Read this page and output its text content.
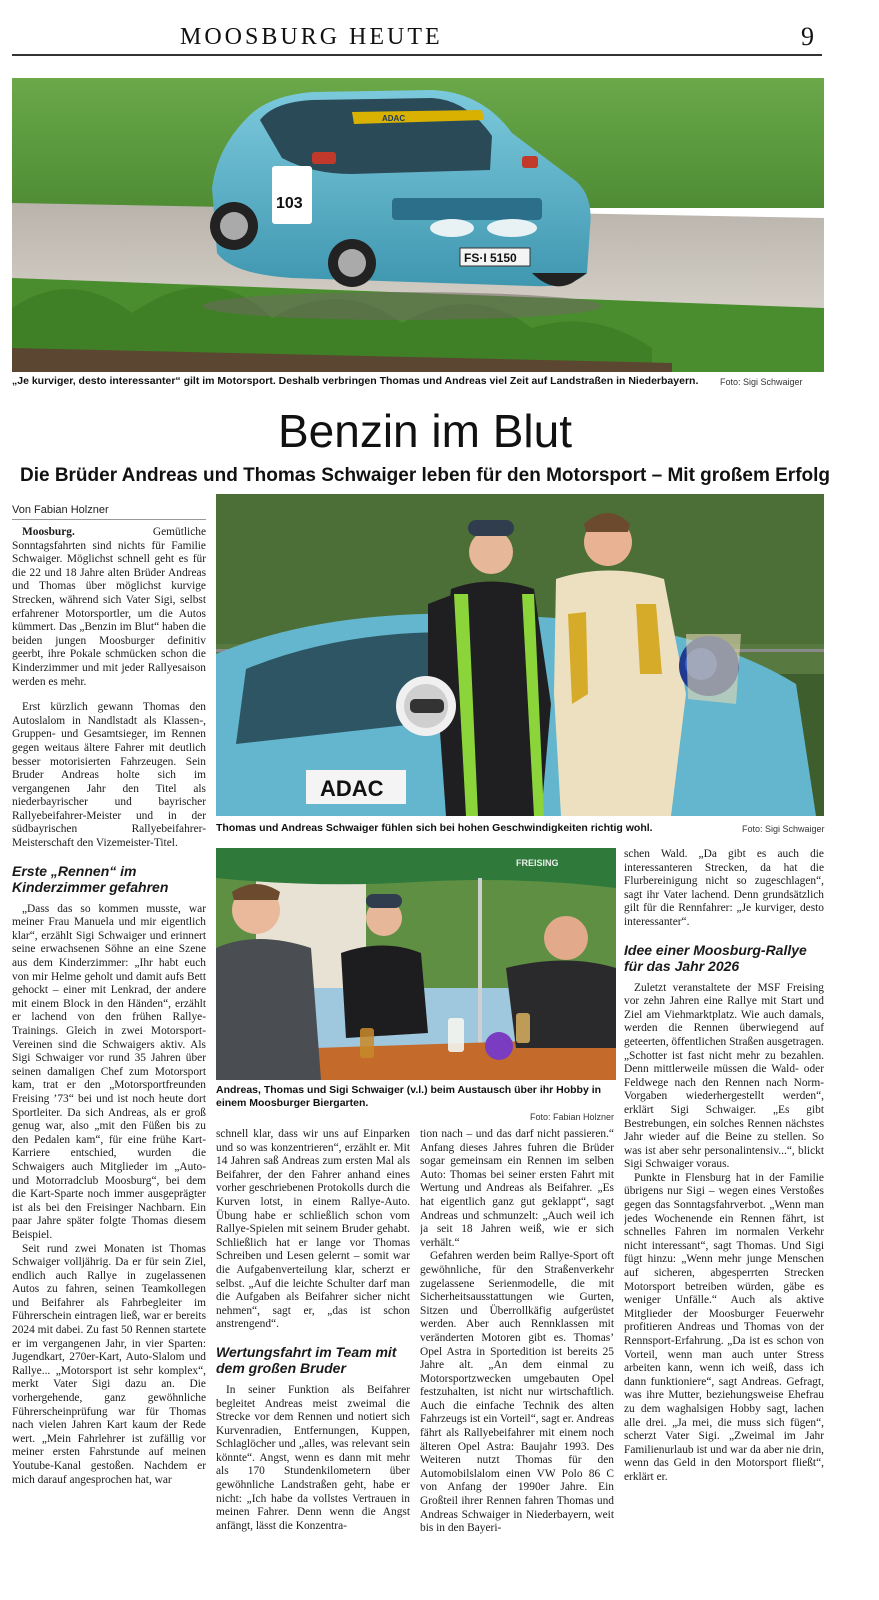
MOOSBURG HEUTE	9
ADAC
103
FS·I 5150
„Je kurviger, desto interessanter“ gilt im Motorsport. Deshalb verbringen Thomas und Andreas viel Zeit auf Landstraßen in Niederbayern.	Foto: Sigi Schwaiger
Benzin im Blut
Die Brüder Andreas und Thomas Schwaiger leben für den Motorsport – Mit großem Erfolg
Von Fabian Holzner
ADAC
Thomas und Andreas Schwaiger fühlen sich bei hohen Geschwindigkeiten richtig wohl.	Foto: Sigi Schwaiger
FREISING
Andreas, Thomas und Sigi Schwaiger (v.l.) beim Austausch über ihr Hobby in einem Moosburger Biergarten.
Foto: Fabian Holzner

Moosburg.	Gemütliche Sonntagsfahrten sind nichts für Familie Schwaiger. Möglichst schnell geht es für die 22 und 18 Jahre alten Brüder Andreas und Thomas über möglichst kurvige Strecken, während sich Vater Sigi, selbst erfahrener Motorsportler, um die Autos kümmert. Das „Benzin im Blut“ haben die beiden jungen Moosburger definitiv geerbt, ihre Pokale schmücken schon die Kinderzimmer und mit jeder Rallyesaison werden es mehr.

Erst kürzlich gewann Thomas den Autoslalom in Nandlstadt als Klassen-, Gruppen- und Gesamtsieger, im Rennen gegen weitaus ältere Fahrer mit deutlich besser motorisierten Fahrzeugen. Sein Bruder Andreas holte sich im vergangenen Jahr den Titel als niederbayrischer und bayrischer Rallyebeifahrer-Meister und in der südbayrischen Rallyebeifahrer-Meisterschaft den Vizemeister-Titel.

Erste „Rennen“ im Kinderzimmer gefahren

„Dass das so kommen musste, war meiner Frau Manuela und mir eigentlich klar“, erzählt Sigi Schwaiger und erinnert seine erwachsenen Söhne an eine Szene aus dem Kinderzimmer: „Ihr habt euch von mir Helme geholt und damit aufs Bett gehockt – einer mit Lenkrad, der andere mit einem Block in den Händen“, erzählt er lachend von den frühen Rallye-Trainings. Gleich in zwei Motorsport-Vereinen sind die Schwaigers aktiv. Als Sigi Schwaiger vor rund 35 Jahren über seinen damaligen Chef zum Motorsport kam, trat er den „Motorsportfreunden Freising ’73“ bei und ist noch heute dort Sportleiter. Da sich Andreas, als er groß genug war, also „mit den Füßen bis zu den Pedalen kam“, für eine frühe Kart-Karriere entschied, wurden die Schwaigers auch Mitglieder im „Auto- und Motorradclub Moosburg“, bei dem die Kart-Sparte noch immer ausgeprägter ist als bei den Freisinger Nachbarn. Ein paar Jahre später folgte Thomas diesem Beispiel.

Seit rund zwei Monaten ist Thomas Schwaiger volljährig. Da er für sein Ziel, endlich auch Rallye in zugelassenen Autos zu fahren, seinen Teamkollegen und Beifahrer als Fahrbegleiter im Führerschein eintragen ließ, war er bereits 2024 mit dabei. Zu fast 50 Rennen startete er im vergangenen Jahr, in vier Sparten: Jugendkart, 270er-Kart, Auto-Slalom und Rallye... „Motorsport ist sehr komplex“, merkt Vater Sigi dazu an. Die vorhergehende, ganz gewöhnliche Führerscheinprüfung war für Thomas nach vielen Jahren Kart kaum der Rede wert. „Mein Fahrlehrer ist zufällig vor meiner ersten Fahrstunde auf meinen Youtube-Kanal gestoßen. Nachdem er mich darauf angesprochen hat, war

schnell klar, dass wir uns auf Einparken und so was konzentrieren“, erzählt er. Mit 14 Jahren saß Andreas zum ersten Mal als Beifahrer, der den Fahrer anhand eines vorher geschriebenen Protokolls durch die Kurven lotst, in einem Rallye-Auto. Übung habe er schließlich schon vom Rallye-Spielen mit seinem Bruder gehabt. Schließlich hat er lange vor Thomas Schreiben und Lesen gelernt – somit war die Aufgabenverteilung klar, scherzt er selbst. „Auf die leichte Schulter darf man die Aufgaben als Beifahrer sicher nicht nehmen“, sagt er, „das ist schon anstrengend“.

Wertungsfahrt im Team mit dem großen Bruder

In seiner Funktion als Beifahrer begleitet Andreas meist zweimal die Strecke vor dem Rennen und notiert sich Kurvenradien, Entfernungen, Kuppen, Schlaglöcher und „alles, was relevant sein könnte“. Angst, wenn es dann mit mehr als 170 Stundenkilometern über gewöhnliche Landstraßen geht, habe er nicht: „Ich habe da vollstes Vertrauen in meinen Fahrer. Denn wenn die Angst anfängt, lässt die Konzentra-

tion nach – und das darf nicht passieren.“ Anfang dieses Jahres fuhren die Brüder sogar gemeinsam ein Rennen im selben Auto: Thomas bei seiner ersten Fahrt mit Wertung und Andreas als Beifahrer. „Es hat eigentlich ganz gut geklappt“, sagt Andreas und schmunzelt: „Auch weil ich ja seit 18 Jahren weiß, wie er sich verhält.“

Gefahren werden beim Rallye-Sport oft gewöhnliche, für den Straßenverkehr zugelassene Serienmodelle, die mit Sicherheitsausstattungen wie Gurten, Sitzen und Überrollkäfig aufgerüstet werden. Aber auch Rennklassen mit veränderten Motoren gibt es. Thomas’ Opel Astra in Sportedition ist bereits 25 Jahre alt. „An dem einmal zu Motorsportzwecken umgebauten Opel festzuhalten, ist nicht nur wirtschaftlich. Auch die einfache Technik des alten Fahrzeugs ist ein Vorteil“, sagt er. Andreas fährt als Rallyebeifahrer mit einem noch älteren Opel Astra: Baujahr 1993. Des Weiteren nutzt Thomas für den Automobilslalom einen VW Polo 86 C von Anfang der 1990er Jahre. Ein Großteil ihrer Rennen fahren Thomas und Andreas Schwaiger in Niederbayern, weit bis in den Bayeri-

schen Wald. „Da gibt es auch die interessanteren Strecken, da hat die Flurbereinigung nicht so zugeschlagen“, sagt ihr Vater lachend. Denn grundsätzlich gilt für die Rennfahrer: „Je kurviger, desto interessanter“.

Idee einer Moosburg-Rallye für das Jahr 2026

Zuletzt veranstaltete der MSF Freising vor zehn Jahren eine Rallye mit Start und Ziel am Viehmarktplatz. Wie auch damals, werden die Rennen überwiegend auf geteerten, öffentlichen Straßen ausgetragen. „Schotter ist fast nicht mehr zu bezahlen. Denn mittlerweile müssen die Wald- oder Feldwege nach den Rennen nach Norm-Vorgaben wiederhergestellt werden“, erklärt Sigi Schwaiger. „Es gibt Bestrebungen, ein solches Rennen nächstes Jahr wieder auf die Beine zu stellen. So was ist aber sehr personalintensiv...“, blickt Sigi Schwaiger voraus.

Punkte in Flensburg hat in der Familie übrigens nur Sigi – wegen eines Verstoßes gegen das Sonntagsfahrverbot. „Wenn man jedes Wochenende ein Rennen fährt, ist schnelles Fahren im normalen Verkehr nicht interessant“, sagt Thomas. Und Sigi fügt hinzu: „Wenn mehr junge Menschen auf sicheren, abgesperrten Strecken Motorsport betreiben würden, gäbe es weniger Unfälle.“ Auch als aktive Mitglieder der Moosburger Feuerwehr profitieren Andreas und Thomas von der Rennsport-Erfahrung. „Da ist es schon von Vorteil, wenn man auch unter Stress arbeiten kann, wenn ich weiß, dass ich dann funktioniere“, sagt Andreas. Gefragt, was ihre Mutter, beziehungsweise Ehefrau zu dem waghalsigen Hobby sagt, lachen alle drei. „Ja mei, die muss sich fügen“, scherzt Vater Sigi. „Zweimal im Jahr Familienurlaub ist und war da aber nie drin, wenn das Geld in den Motorsport fließt“, erklärt er.
